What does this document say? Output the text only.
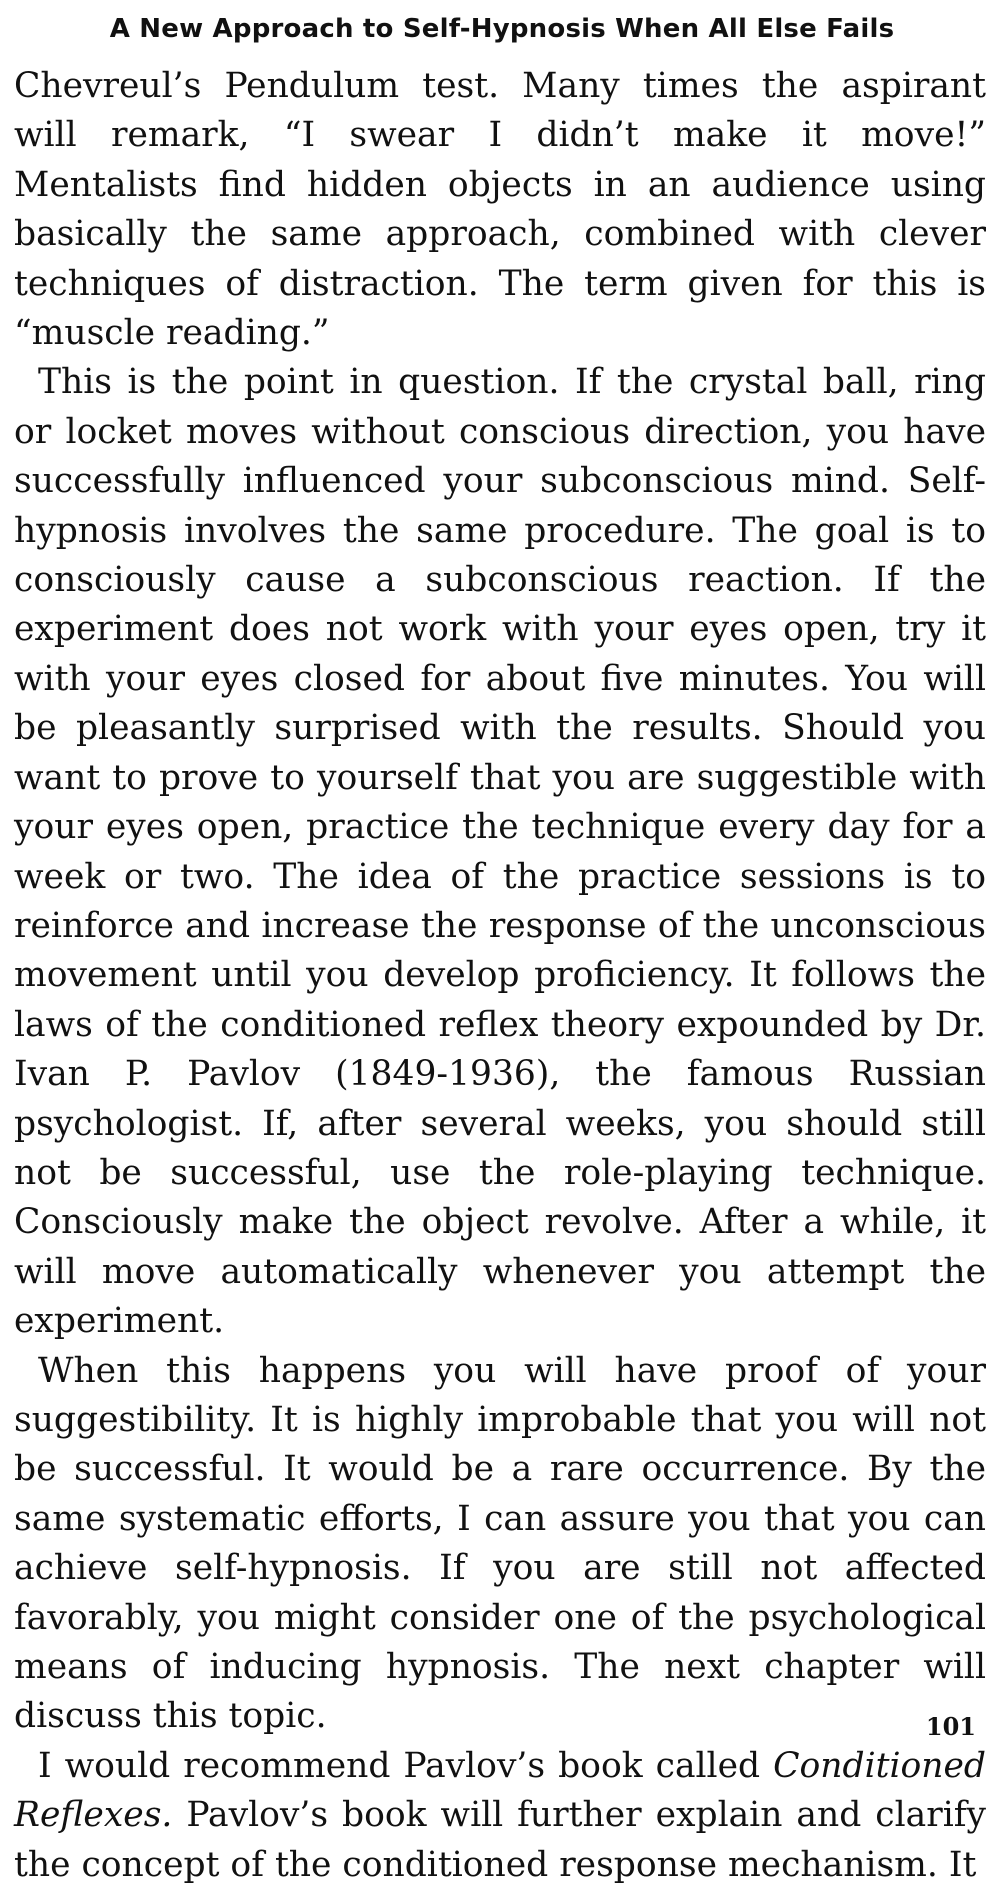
A New Approach to Self-Hypnosis When All Else Fails

Chevreul’s Pendulum test. Many times the aspirant will remark, “I swear I didn’t make it move!” Mentalists find hidden objects in an audience using basically the same approach, combined with clever techniques of distraction. The term given for this is “muscle reading.”

This is the point in question. If the crystal ball, ring or locket moves without conscious direction, you have successfully influenced your subconscious mind. Self-hypnosis involves the same procedure. The goal is to consciously cause a subconscious reaction. If the experiment does not work with your eyes open, try it with your eyes closed for about five minutes. You will be pleasantly surprised with the results. Should you want to prove to yourself that you are suggestible with your eyes open, practice the technique every day for a week or two. The idea of the practice sessions is to reinforce and increase the response of the unconscious movement until you develop proficiency. It follows the laws of the conditioned reflex theory expounded by Dr. Ivan P. Pavlov (1849-1936), the famous Russian psychologist. If, after several weeks, you should still not be successful, use the role-playing technique. Consciously make the object revolve. After a while, it will move automatically whenever you attempt the experiment.

When this happens you will have proof of your suggestibility. It is highly improbable that you will not be successful. It would be a rare occurrence. By the same systematic efforts, I can assure you that you can achieve self-hypnosis. If you are still not affected favorably, you might consider one of the psychological means of inducing hypnosis. The next chapter will discuss this topic.

I would recommend Pavlov’s book called Conditioned Reflexes. Pavlov’s book will further explain and clarify the concept of the conditioned response mechanism. It

101
